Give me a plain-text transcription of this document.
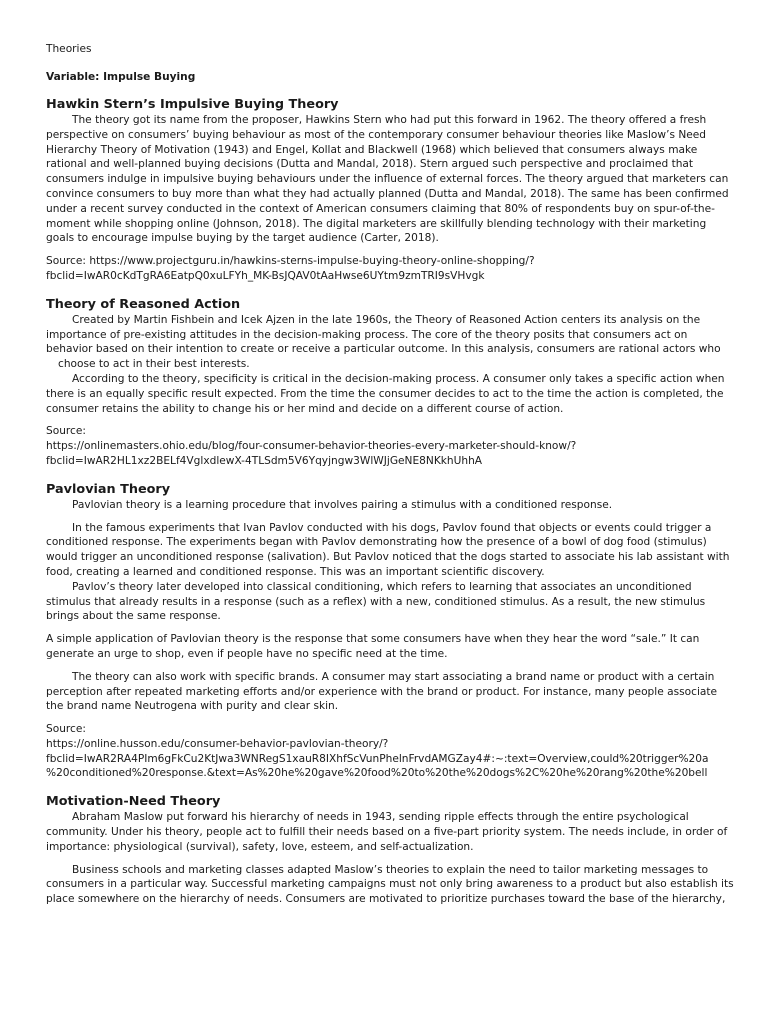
Theories
Variable: Impulse Buying
Hawkin Stern’s Impulsive Buying Theory
The theory got its name from the proposer, Hawkins Stern who had put this forward in 1962. The theory offered a fresh
perspective on consumers’ buying behaviour as most of the contemporary consumer behaviour theories like Maslow’s Need
Hierarchy Theory of Motivation (1943) and Engel, Kollat and Blackwell (1968) which believed that consumers always make
rational and well-planned buying decisions (Dutta and Mandal, 2018). Stern argued such perspective and proclaimed that
consumers indulge in impulsive buying behaviours under the influence of external forces. The theory argued that marketers can
convince consumers to buy more than what they had actually planned (Dutta and Mandal, 2018). The same has been confirmed
under a recent survey conducted in the context of American consumers claiming that 80% of respondents buy on spur-of-the-
moment while shopping online (Johnson, 2018). The digital marketers are skillfully blending technology with their marketing
goals to encourage impulse buying by the target audience (Carter, 2018).
Source: https://www.projectguru.in/hawkins-sterns-impulse-buying-theory-online-shopping/?
fbclid=IwAR0cKdTgRA6EatpQ0xuLFYh_MK-BsJQAV0tAaHwse6UYtm9zmTRI9sVHvgk
Theory of Reasoned Action
Created by Martin Fishbein and Icek Ajzen in the late 1960s, the Theory of Reasoned Action centers its analysis on the
importance of pre-existing attitudes in the decision-making process. The core of the theory posits that consumers act on
behavior based on their intention to create or receive a particular outcome. In this analysis, consumers are rational actors who
choose to act in their best interests.
According to the theory, specificity is critical in the decision-making process. A consumer only takes a specific action when
there is an equally specific result expected. From the time the consumer decides to act to the time the action is completed, the
consumer retains the ability to change his or her mind and decide on a different course of action.
Source:
https://onlinemasters.ohio.edu/blog/four-consumer-behavior-theories-every-marketer-should-know/?
fbclid=IwAR2HL1xz2BELf4VglxdlewX-4TLSdm5V6Yqyjngw3WlWJjGeNE8NKkhUhhA
Pavlovian Theory
Pavlovian theory is a learning procedure that involves pairing a stimulus with a conditioned response.
In the famous experiments that Ivan Pavlov conducted with his dogs, Pavlov found that objects or events could trigger a
conditioned response. The experiments began with Pavlov demonstrating how the presence of a bowl of dog food (stimulus)
would trigger an unconditioned response (salivation). But Pavlov noticed that the dogs started to associate his lab assistant with
food, creating a learned and conditioned response. This was an important scientific discovery.
Pavlov’s theory later developed into classical conditioning, which refers to learning that associates an unconditioned
stimulus that already results in a response (such as a reflex) with a new, conditioned stimulus. As a result, the new stimulus
brings about the same response.
A simple application of Pavlovian theory is the response that some consumers have when they hear the word “sale.” It can
generate an urge to shop, even if people have no specific need at the time.
The theory can also work with specific brands. A consumer may start associating a brand name or product with a certain
perception after repeated marketing efforts and/or experience with the brand or product. For instance, many people associate
the brand name Neutrogena with purity and clear skin.
Source:
https://online.husson.edu/consumer-behavior-pavlovian-theory/?
fbclid=IwAR2RA4PIm6gFkCu2KtJwa3WNRegS1xauR8IXhfScVunPhelnFrvdAMGZay4#:~:text=Overview,could%20trigger%20a
%20conditioned%20response.&text=As%20he%20gave%20food%20to%20the%20dogs%2C%20he%20rang%20the%20bell
Motivation-Need Theory
Abraham Maslow put forward his hierarchy of needs in 1943, sending ripple effects through the entire psychological
community. Under his theory, people act to fulfill their needs based on a five-part priority system. The needs include, in order of
importance: physiological (survival), safety, love, esteem, and self-actualization.
Business schools and marketing classes adapted Maslow’s theories to explain the need to tailor marketing messages to
consumers in a particular way. Successful marketing campaigns must not only bring awareness to a product but also establish its
place somewhere on the hierarchy of needs. Consumers are motivated to prioritize purchases toward the base of the hierarchy,
